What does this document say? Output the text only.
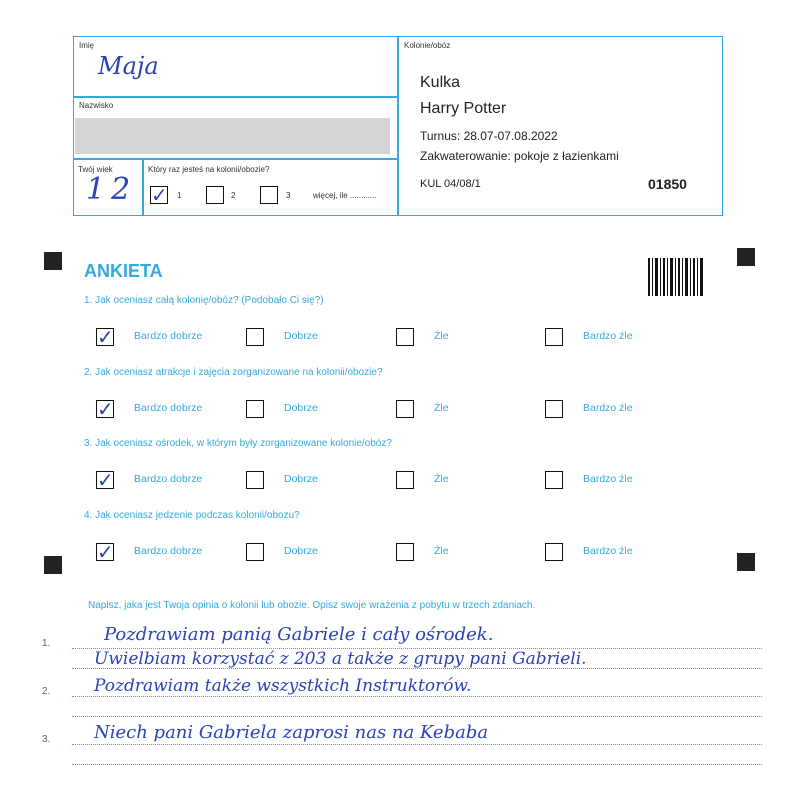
Imię
Maja
Nazwisko
Twój wiek
12
Który raz jesteś na kolonii/obozie?
✓ 1	2	3	więcej, ile ............
Kolonie/obóz
Kulka
Harry Potter
Turnus: 28.07-07.08.2022
Zakwaterowanie: pokoje z łazienkami
KUL 04/08/1	01850
ANKIETA
1. Jak oceniasz całą kolonię/obóz? (Podobało Ci się?)
✓ Bardzo dobrze	Dobrze	Źle	Bardzo źle
2. Jak oceniasz atrakcje i zajęcia zorganizowane na kolonii/obozie?
✓ Bardzo dobrze	Dobrze	Źle	Bardzo źle
3. Jak oceniasz ośrodek, w którym były zorganizowane kolonie/obóz?
✓ Bardzo dobrze	Dobrze	Źle	Bardzo źle
4. Jak oceniasz jedzenie podczas kolonii/obozu?
✓ Bardzo dobrze	Dobrze	Źle	Bardzo źle
Napisz, jaka jest Twoja opinia o kolonii lub obozie. Opisz swoje wrażenia z pobytu w trzech zdaniach.
1.
2.
3.
Pozdrawiam panią Gabriele i cały ośrodek.
Uwielbiam korzystać z 203 a także z grupy pani Gabrieli.
Pozdrawiam także wszystkich Instruktorów.
Niech pani Gabriela zaprosi nas na Kebaba
